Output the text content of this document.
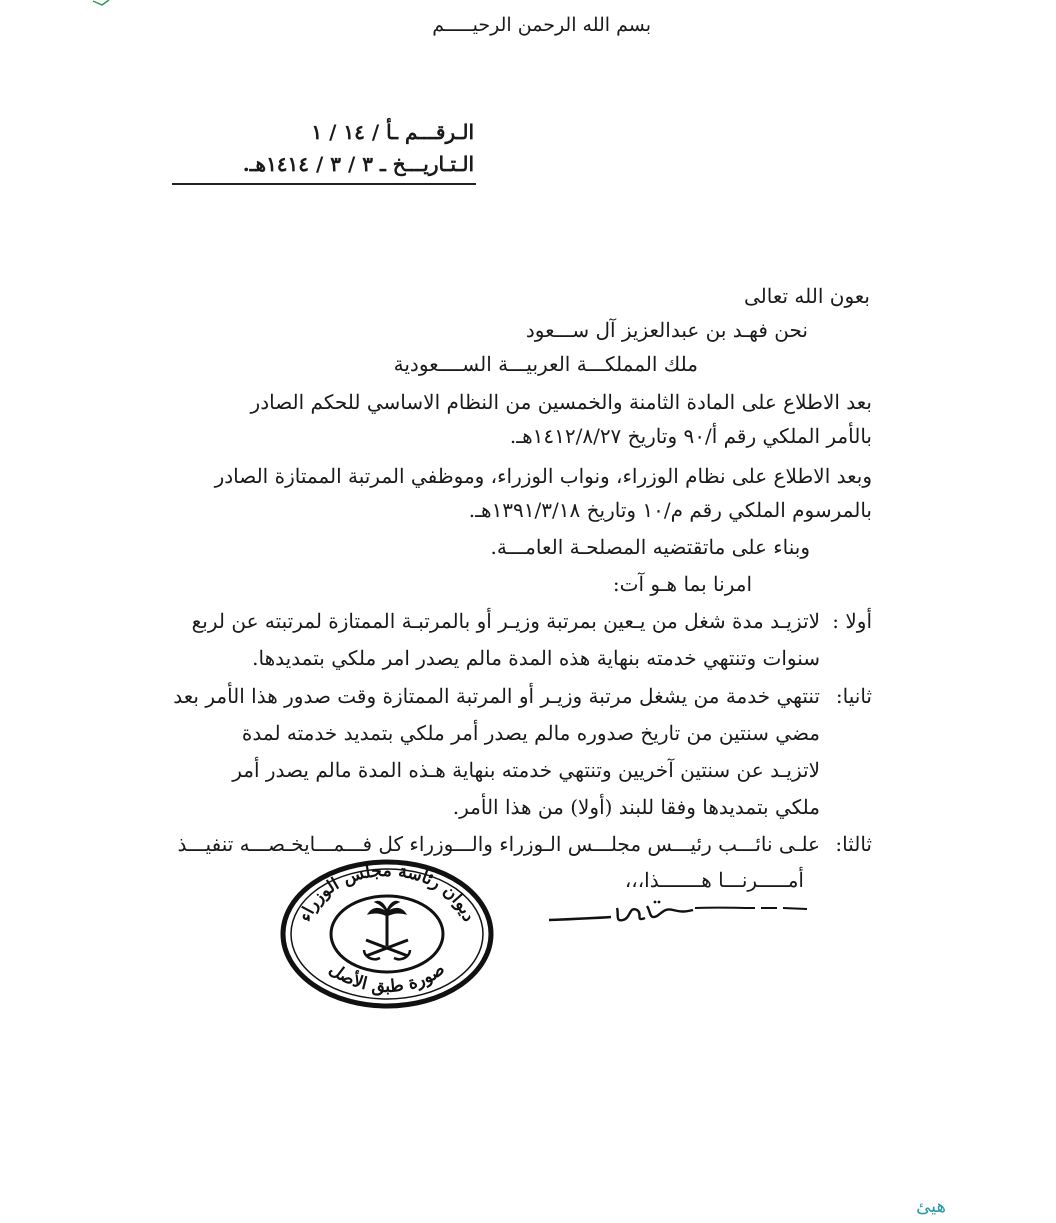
بسم الله الرحمن الرحيـــــم
الـرقـــم ـأ / ١٤ / ١
الـتـاريـــخ ـ ٣ / ٣ / ١٤١٤هـ.
بعون الله تعالى
نحن فهـد بن عبدالعزيز آل ســـعود
ملك المملكـــة العربيـــة الســــعودية
بعد الاطلاع على المادة الثامنة والخمسين من النظام الاساسي للحكم الصادر
بالأمر الملكي رقم أ/٩٠ وتاريخ ١٤١٢/٨/٢٧هـ.
وبعد الاطلاع على نظام الوزراء، ونواب الوزراء، وموظفي المرتبة الممتازة الصادر
بالمرسوم الملكي رقم م/١٠ وتاريخ ١٣٩١/٣/١٨هـ.
وبناء على ماتقتضيه المصلحـة العامـــة.
امرنا بما هـو آت:
أولا :
لاتزيـد مدة شغل من يـعين بمرتبة وزيـر أو بالمرتبـة الممتازة لمرتبته عن لربع
سنوات وتنتهي خدمته بنهاية هذه المدة مالم يصدر امر ملكي بتمديدها.
ثانيا:
تنتهي خدمة من يشغل مرتبة وزيـر أو المرتبة الممتازة وقت صدور هذا الأمر بعد
مضي سنتين من تاريخ صدوره مالم يصدر أمر ملكي بتمديد خدمته لمدة
لاتزيـد عن سنتين آخريين وتنتهي خدمته بنهاية هـذه المدة مالم يصدر أمر
ملكي بتمديدها وفقا للبند (أولا) من هذا الأمر.
ثالثا:
علـى نائـــب رئيـــس مجلـــس الـوزراء والـــوزراء كل فـــمـــايخـصـــه تنفيـــذ
أمـــــرنـــا هـــــــذا،،،
ديوان رئاسة مجلس الوزراء
صورة طبق الأصل
هيئ
